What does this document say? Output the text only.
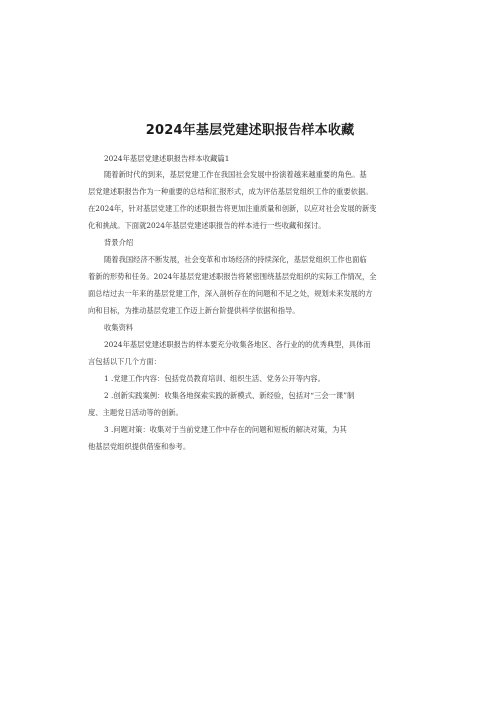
2024年基层党建述职报告样本收藏
2024年基层党建述职报告样本收藏篇1
随着新时代的到来，基层党建工作在我国社会发展中扮演着越来越重要的角色。基
层党建述职报告作为一种重要的总结和汇报形式，成为评估基层党组织工作的重要依据。
在2024年，针对基层党建工作的述职报告将更加注重质量和创新，以应对社会发展的新变
化和挑战。下面就2024年基层党建述职报告的样本进行一些收藏和探讨。
背景介绍
随着我国经济不断发展，社会变革和市场经济的持续深化，基层党组织工作也面临
着新的形势和任务。2024年基层党建述职报告将紧密围绕基层党组织的实际工作情况，全
面总结过去一年来的基层党建工作，深入剖析存在的问题和不足之处，规划未来发展的方
向和目标，为推动基层党建工作迈上新台阶提供科学依据和指导。
收集资料
2024年基层党建述职报告的样本要充分收集各地区、各行业的的优秀典型，具体而
言包括以下几个方面：
1 .党建工作内容：包括党员教育培训、组织生活、党务公开等内容。
2 .创新实践案例：收集各地探索实践的新模式、新经验，包括对“三会一课”制
度、主题党日活动等的创新。
3 .问题对策：收集对于当前党建工作中存在的问题和短板的解决对策，为其
他基层党组织提供借鉴和参考。
